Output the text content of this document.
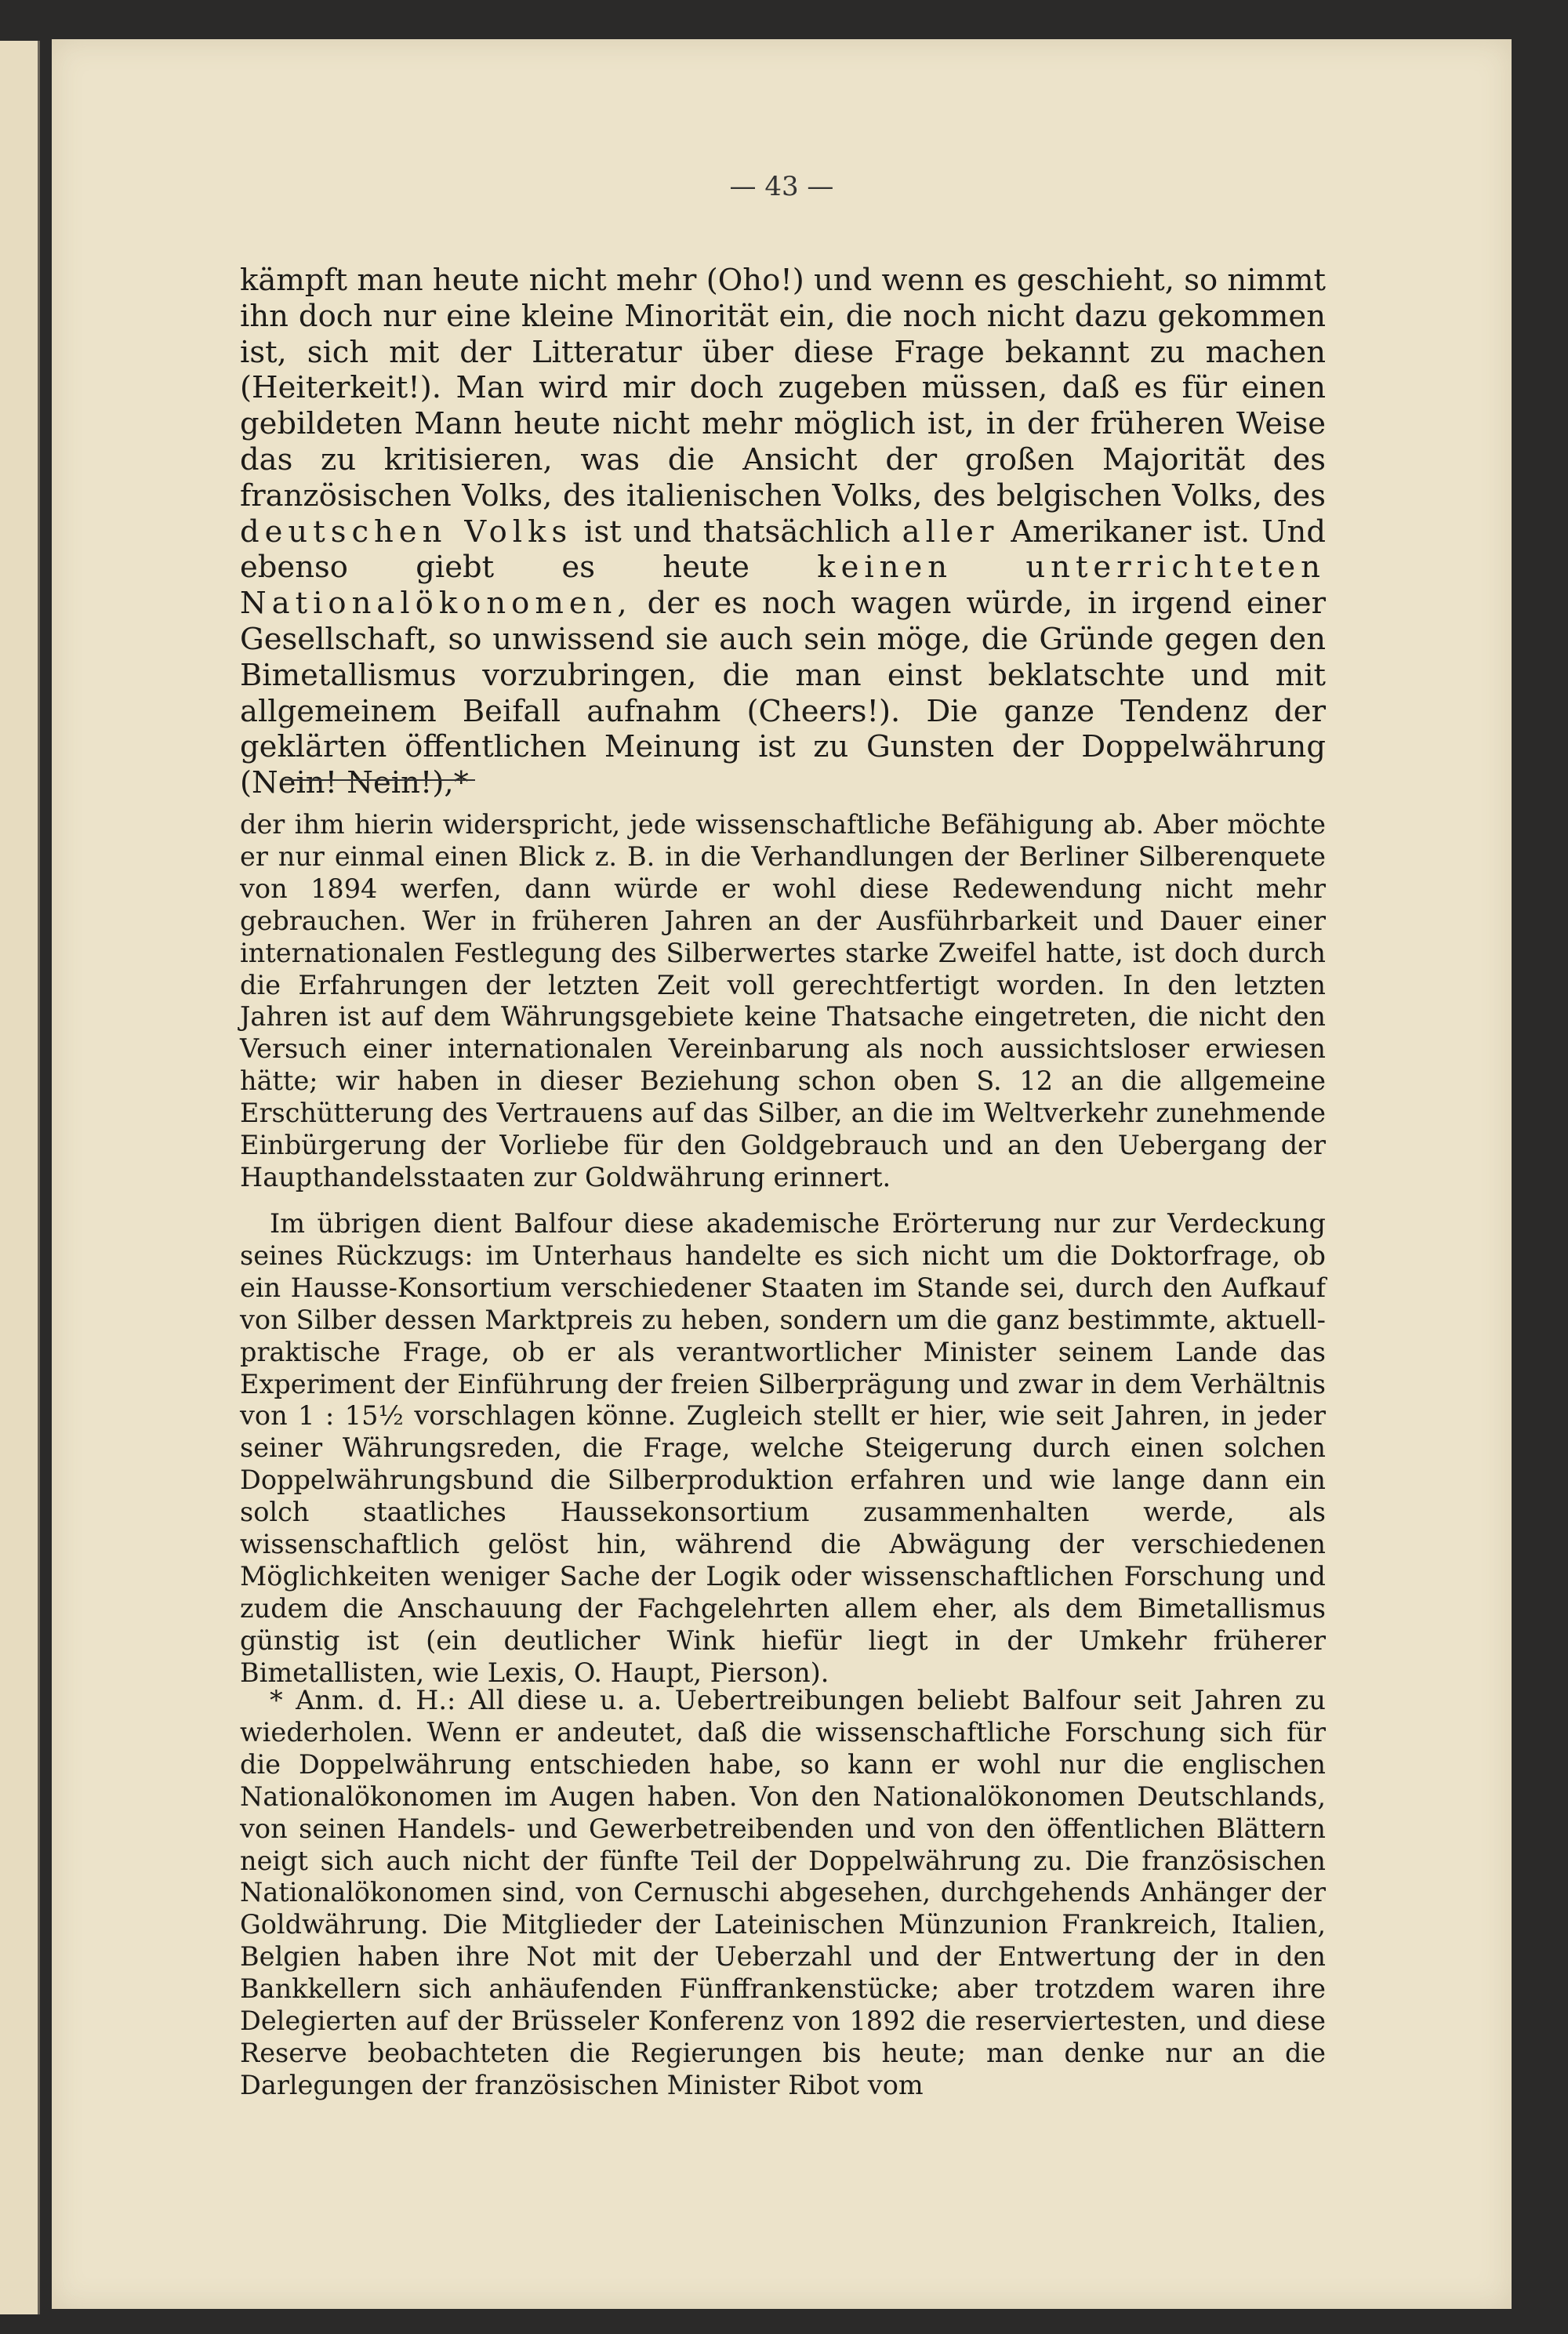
— 43 —
kämpft man heute nicht mehr (Oho!) und wenn es geschieht, so nimmt ihn doch nur eine kleine Minorität ein, die noch nicht dazu gekommen ist, sich mit der Litteratur über diese Frage bekannt zu machen (Heiterkeit!). Man wird mir doch zugeben müssen, daß es für einen gebildeten Mann heute nicht mehr möglich ist, in der früheren Weise das zu kritisieren, was die Ansicht der großen Majorität des französischen Volks, des italienischen Volks, des belgischen Volks, des deutschen Volks ist und thatsächlich aller Amerikaner ist. Und ebenso giebt es heute keinen unterrichteten Nationalökonomen, der es noch wagen würde, in irgend einer Gesellschaft, so unwissend sie auch sein möge, die Gründe gegen den Bimetallismus vorzubringen, die man einst beklatschte und mit allgemeinem Beifall aufnahm (Cheers!). Die ganze Tendenz der geklärten öffentlichen Meinung ist zu Gunsten der Doppelwährung (Nein! Nein!),*
der ihm hierin widerspricht, jede wissenschaftliche Befähigung ab. Aber möchte er nur einmal einen Blick z. B. in die Verhandlungen der Berliner Silberenquete von 1894 werfen, dann würde er wohl diese Redewendung nicht mehr gebrauchen. Wer in früheren Jahren an der Ausführbarkeit und Dauer einer internationalen Festlegung des Silberwertes starke Zweifel hatte, ist doch durch die Erfahrungen der letzten Zeit voll gerechtfertigt worden. In den letzten Jahren ist auf dem Währungsgebiete keine Thatsache eingetreten, die nicht den Versuch einer internationalen Vereinbarung als noch aussichtsloser erwiesen hätte; wir haben in dieser Beziehung schon oben S. 12 an die allgemeine Erschütterung des Vertrauens auf das Silber, an die im Weltverkehr zunehmende Einbürgerung der Vorliebe für den Goldgebrauch und an den Uebergang der Haupthandelsstaaten zur Goldwährung erinnert.
Im übrigen dient Balfour diese akademische Erörterung nur zur Verdeckung seines Rückzugs: im Unterhaus handelte es sich nicht um die Doktorfrage, ob ein Hausse-Konsortium verschiedener Staaten im Stande sei, durch den Aufkauf von Silber dessen Marktpreis zu heben, sondern um die ganz bestimmte, aktuell-praktische Frage, ob er als verantwortlicher Minister seinem Lande das Experiment der Einführung der freien Silberprägung und zwar in dem Verhältnis von 1 : 15½ vorschlagen könne. Zugleich stellt er hier, wie seit Jahren, in jeder seiner Währungsreden, die Frage, welche Steigerung durch einen solchen Doppelwährungsbund die Silberproduktion erfahren und wie lange dann ein solch staatliches Haussekonsortium zusammenhalten werde, als wissenschaftlich gelöst hin, während die Abwägung der verschiedenen Möglichkeiten weniger Sache der Logik oder wissenschaftlichen Forschung und zudem die Anschauung der Fachgelehrten allem eher, als dem Bimetallismus günstig ist (ein deutlicher Wink hiefür liegt in der Umkehr früherer Bimetallisten, wie Lexis, O. Haupt, Pierson).
* Anm. d. H.: All diese u. a. Uebertreibungen beliebt Balfour seit Jahren zu wiederholen. Wenn er andeutet, daß die wissenschaftliche Forschung sich für die Doppelwährung entschieden habe, so kann er wohl nur die englischen Nationalökonomen im Augen haben. Von den Nationalökonomen Deutschlands, von seinen Handels- und Gewerbetreibenden und von den öffentlichen Blättern neigt sich auch nicht der fünfte Teil der Doppelwährung zu. Die französischen Nationalökonomen sind, von Cernuschi abgesehen, durchgehends Anhänger der Goldwährung. Die Mitglieder der Lateinischen Münzunion Frankreich, Italien, Belgien haben ihre Not mit der Ueberzahl und der Entwertung der in den Bankkellern sich anhäufenden Fünffrankenstücke; aber trotzdem waren ihre Delegierten auf der Brüsseler Konferenz von 1892 die reserviertesten, und diese Reserve beobachteten die Regierungen bis heute; man denke nur an die Darlegungen der französischen Minister Ribot vom
